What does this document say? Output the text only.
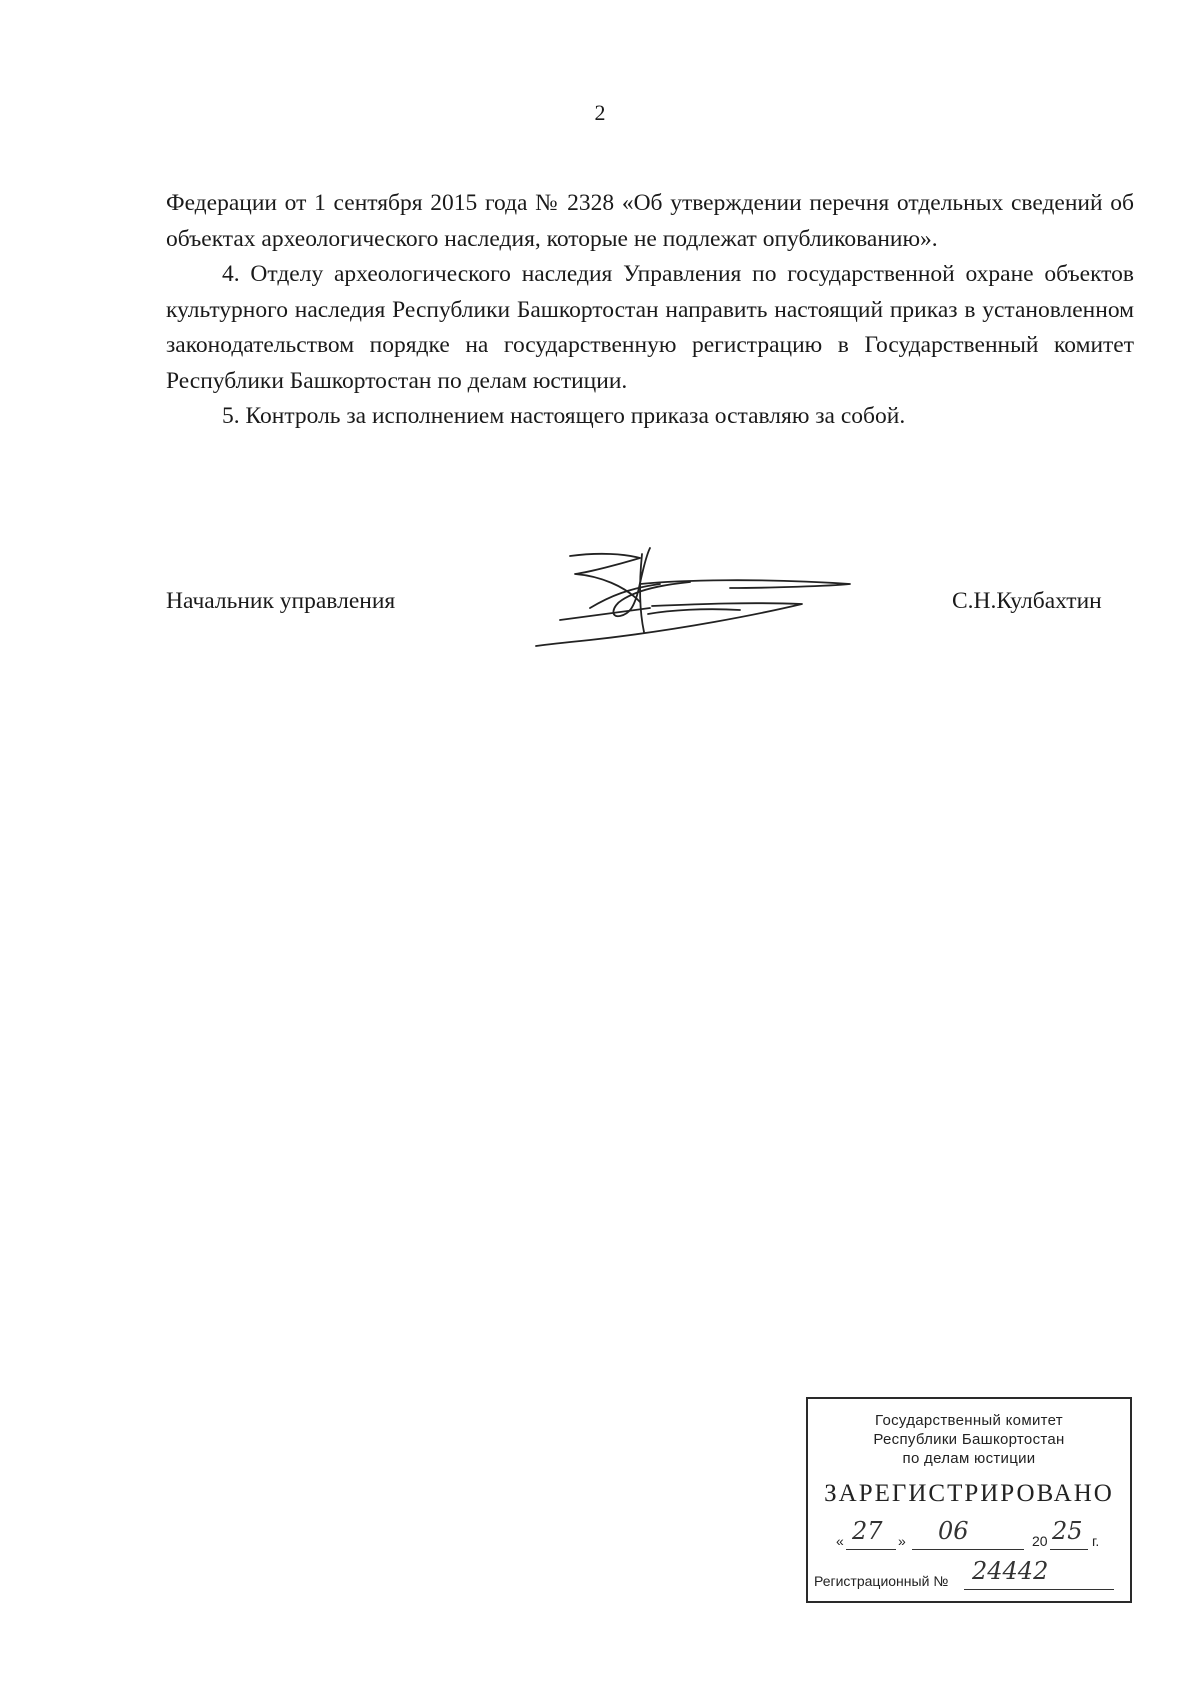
2

Федерации от 1 сентября 2015 года № 2328 «Об утверждении перечня отдельных сведений об объектах археологического наследия, которые не подлежат опубликованию».

4. Отделу археологического наследия Управления по государственной охране объектов культурного наследия Республики Башкортостан направить настоящий приказ в установленном законодательством порядке на государственную регистрацию в Государственный комитет Республики Башкортостан по делам юстиции.

5. Контроль за исполнением настоящего приказа оставляю за собой.

Начальник управления	С.Н.Кулбахтин
Государственный комитет
Республики Башкортостан
по делам юстиции
ЗАРЕГИСТРИРОВАНО
« 27 » 06	20 25 г.
Регистрационный № 24442
